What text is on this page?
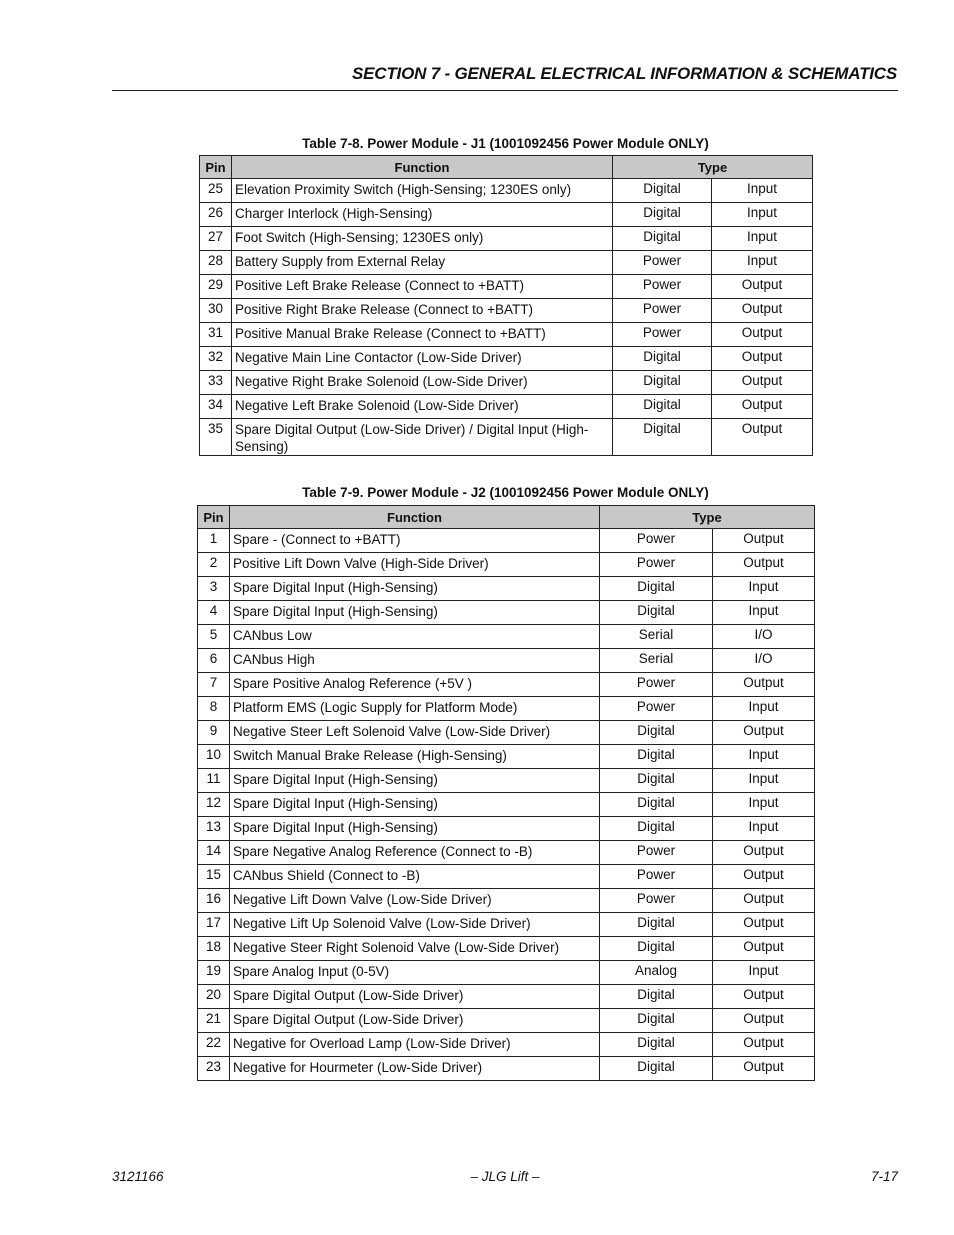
SECTION 7 - GENERAL ELECTRICAL INFORMATION & SCHEMATICS
Table 7-8. Power Module - J1 (1001092456 Power Module ONLY)
Pin	Function	Type	
25	Elevation Proximity Switch (High-Sensing; 1230ES only)	Digital	Input
26	Charger Interlock (High-Sensing)	Digital	Input
27	Foot Switch (High-Sensing; 1230ES only)	Digital	Input
28	Battery Supply from External Relay	Power	Input
29	Positive Left Brake Release (Connect to +BATT)	Power	Output
30	Positive Right Brake Release (Connect to +BATT)	Power	Output
31	Positive Manual Brake Release (Connect to +BATT)	Power	Output
32	Negative Main Line Contactor (Low-Side Driver)	Digital	Output
33	Negative Right Brake Solenoid (Low-Side Driver)	Digital	Output
34	Negative Left Brake Solenoid (Low-Side Driver)	Digital	Output
35	Spare Digital Output (Low-Side Driver) / Digital Input (High-Sensing)	Digital	Output
Table 7-9. Power Module - J2 (1001092456 Power Module ONLY)
Pin	Function	Type	
1	Spare - (Connect to +BATT)	Power	Output
2	Positive Lift Down Valve (High-Side Driver)	Power	Output
3	Spare Digital Input (High-Sensing)	Digital	Input
4	Spare Digital Input (High-Sensing)	Digital	Input
5	CANbus Low	Serial	I/O
6	CANbus High	Serial	I/O
7	Spare Positive Analog Reference (+5V )	Power	Output
8	Platform EMS (Logic Supply for Platform Mode)	Power	Input
9	Negative Steer Left Solenoid Valve (Low-Side Driver)	Digital	Output
10	Switch Manual Brake Release (High-Sensing)	Digital	Input
11	Spare Digital Input (High-Sensing)	Digital	Input
12	Spare Digital Input (High-Sensing)	Digital	Input
13	Spare Digital Input (High-Sensing)	Digital	Input
14	Spare Negative Analog Reference (Connect to -B)	Power	Output
15	CANbus Shield (Connect to -B)	Power	Output
16	Negative Lift Down Valve (Low-Side Driver)	Power	Output
17	Negative Lift Up Solenoid Valve (Low-Side Driver)	Digital	Output
18	Negative Steer Right Solenoid Valve (Low-Side Driver)	Digital	Output
19	Spare Analog Input (0-5V)	Analog	Input
20	Spare Digital Output (Low-Side Driver)	Digital	Output
21	Spare Digital Output (Low-Side Driver)	Digital	Output
22	Negative for Overload Lamp (Low-Side Driver)	Digital	Output
23	Negative for Hourmeter (Low-Side Driver)	Digital	Output
3121166	– JLG Lift –	7-17
